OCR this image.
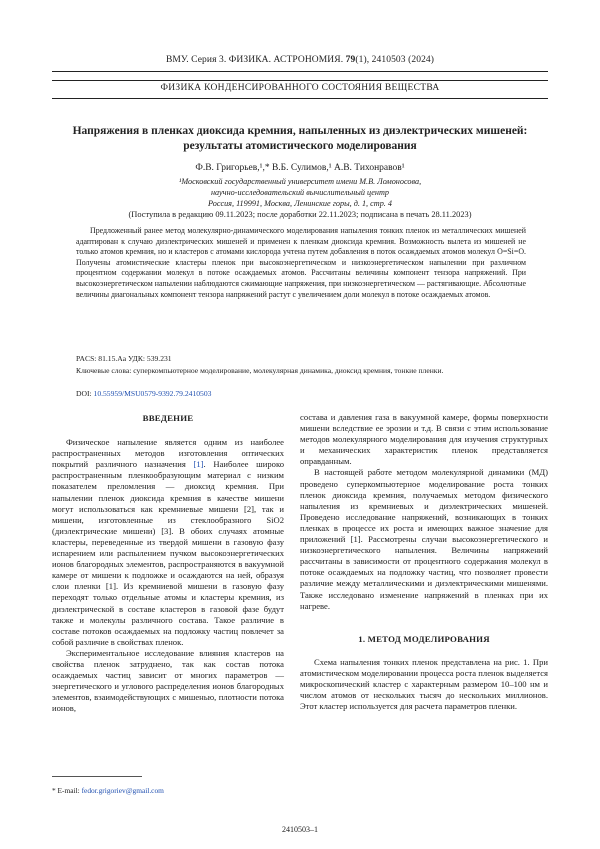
ВМУ. Серия 3. ФИЗИКА. АСТРОНОМИЯ. 79(1), 2410503 (2024)
ФИЗИКА КОНДЕНСИРОВАННОГО СОСТОЯНИЯ ВЕЩЕСТВА
Напряжения в пленках диоксида кремния, напыленных из диэлектрических мишеней: результаты атомистического моделирования
Ф.В. Григорьев,¹,* В.Б. Сулимов,¹ А.В. Тихонравов¹
¹Московский государственный университет имени М.В. Ломоносова,
научно-исследовательский вычислительный центр
Россия, 119991, Москва, Ленинские горы, д. 1, стр. 4
(Поступила в редакцию 09.11.2023; после доработки 22.11.2023; подписана в печать 28.11.2023)
Предложенный ранее метод молекулярно-динамического моделирования напыления тонких пленок из металлических мишеней адаптирован к случаю диэлектрических мишеней и применен к пленкам диоксида кремния. Возможность вылета из мишеней не только атомов кремния, но и кластеров с атомами кислорода учтена путем добавления в поток осаждаемых атомов молекул O=Si=O. Получены атомистические кластеры пленок при высокоэнергетическом и низкоэнергетическом напылении при различном процентном содержании молекул в потоке осаждаемых атомов. Рассчитаны величины компонент тензора напряжений. При высокоэнергетическом напылении наблюдаются сжимающие напряжения, при низкоэнергетическом — растягивающие. Абсолютные величины диагональных компонент тензора напряжений растут с увеличением доли молекул в потоке осаждаемых атомов.
PACS: 81.15.Aa УДК: 539.231
Ключевые слова: суперкомпьютерное моделирование, молекулярная динамика, диоксид кремния, тонкие пленки.
DOI: 10.55959/MSU0579-9392.79.2410503
ВВЕДЕНИЕ

Физическое напыление является одним из наиболее распространенных методов изготовления оптических покрытий различного назначения [1]. Наиболее широко распространенным пленкообразующим материал с низким показателем преломления — диоксид кремния. При напылении пленок диоксида кремния в качестве мишени могут использоваться как кремниевые мишени [2], так и мишени, изготовленные из стеклообразного SiO2 (диэлектрические мишени) [3]. В обоих случаях атомные кластеры, переведенные из твердой мишени в газовую фазу испарением или распылением пучком высокоэнергетических ионов благородных элементов, распространяются в вакуумной камере от мишени к подложке и осаждаются на ней, образуя слои пленки [1]. Из кремниевой мишени в газовую фазу переходят только отдельные атомы и кластеры кремния, из диэлектрической в составе кластеров в газовой фазе будут также и молекулы различного состава. Такое различие в составе потоков осаждаемых на подложку частиц повлечет за собой различие в свойствах пленок.

Экспериментальное исследование влияния кластеров на свойства пленок затруднено, так как состав потока осаждаемых частиц зависит от многих параметров — энергетического и углового распределения ионов благородных элементов, взаимодействующих с мишенью, плотности потока ионов,

состава и давления газа в вакуумной камере, формы поверхности мишени вследствие ее эрозии и т.д. В связи с этим использование методов молекулярного моделирования для изучения структурных и механических характеристик пленок представляется оправданным.

В настоящей работе методом молекулярной динамики (МД) проведено суперкомпьютерное моделирование роста тонких пленок диоксида кремния, получаемых методом физического напыления из кремниевых и диэлектрических мишеней. Проведено исследование напряжений, возникающих в тонких пленках в процессе их роста и имеющих важное значение для приложений [1]. Рассмотрены случаи высокоэнергетического и низкоэнергетического напыления. Величины напряжений рассчитаны в зависимости от процентного содержания молекул в потоке осаждаемых на подложку частиц, что позволяет провести различие между металлическими и диэлектрическими мишенями. Также исследовано изменение напряжений в пленках при их нагреве.

1. МЕТОД МОДЕЛИРОВАНИЯ

Схема напыления тонких пленок представлена на рис. 1. При атомистическом моделировании процесса роста пленок выделяется микроскопический кластер с характерным размером 10–100 нм и числом атомов от нескольких тысяч до нескольких миллионов. Этот кластер используется для расчета параметров пленки.

* E-mail: fedor.grigoriev@gmail.com
2410503–1
